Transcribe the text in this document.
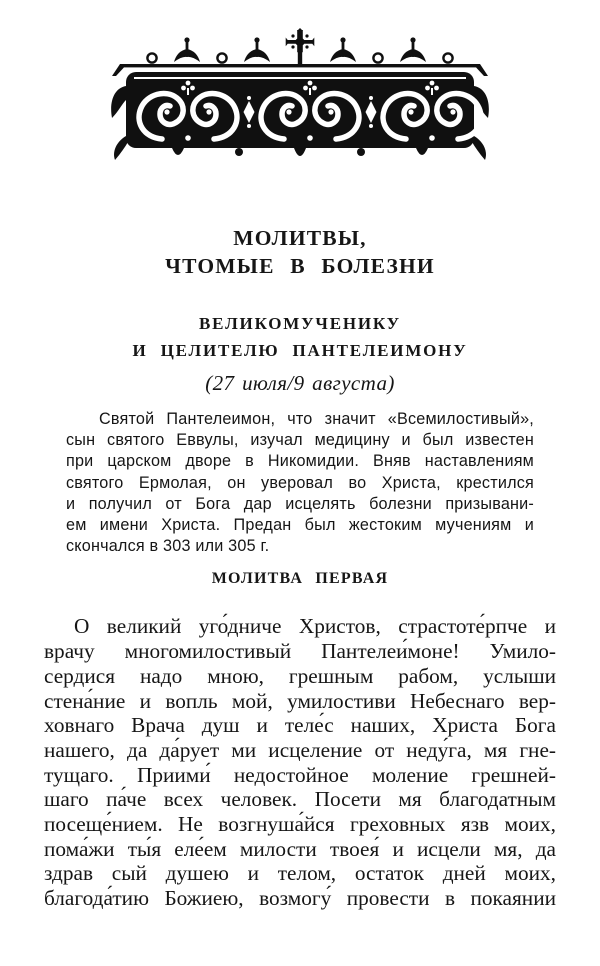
МОЛИТВЫ,
ЧТОМЫЕ В БОЛЕЗНИ
ВЕЛИКОМУЧЕНИКУ
И ЦЕЛИТЕЛЮ ПАНТЕЛЕИМОНУ
(27 июля/9 августа)
Святой Пантелеимон, что значит «Всемилостивый»,
сын святого Еввулы, изучал медицину и был известен
при царском дворе в Никомидии. Вняв наставлениям
святого Ермолая, он уверовал во Христа, крестился
и получил от Бога дар исцелять болезни призывани-
ем имени Христа. Предан был жестоким мучениям и
скончался в 303 или 305 г.
МОЛИТВА ПЕРВАЯ
О великий уго́дниче Христов, страстоте́рпче и
врачу многомилостивый Пантелеи́моне! Умило-
сердися надо мною, грешным рабом, услыши
стена́ние и вопль мой, умилостиви Небеснаго вер-
ховнаго Врача душ и теле́с наших, Христа Бога
нашего, да да́рует ми исцеление от неду́га, мя гне-
тущаго. Приими́ недостойное моление грешней-
шаго па́че всех человек. Посети мя благодатным
посеще́нием. Не возгнуша́йся греховных язв моих,
пома́жи ты́я еле́ем милости твоея́ и исцели мя, да
здрав сый душею и телом, остаток дней моих,
благода́тию Божиею, возмогу́ провести в покаянии
